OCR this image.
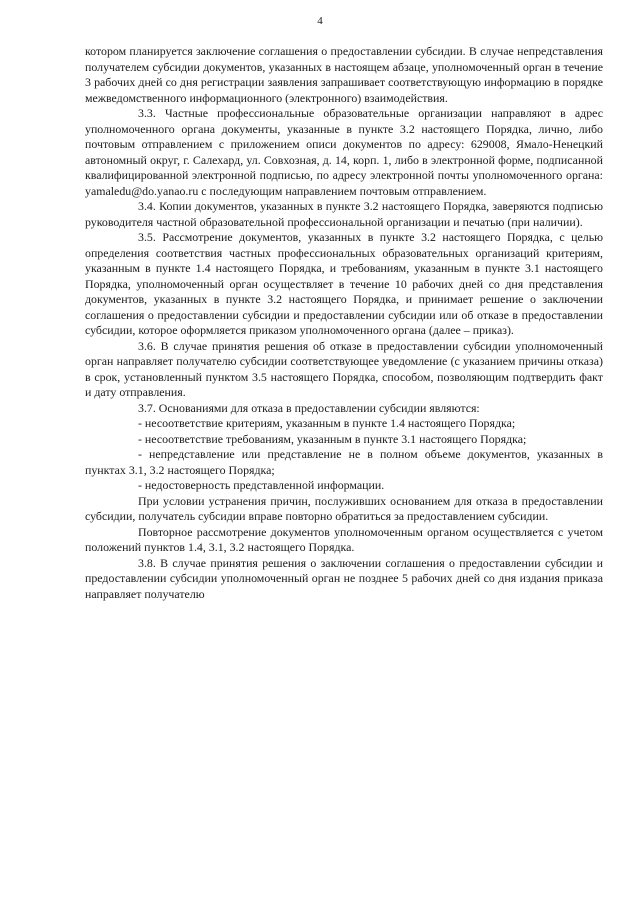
4

котором планируется заключение соглашения о предоставлении субсидии. В случае непредставления получателем субсидии документов, указанных в настоящем абзаце, уполномоченный орган в течение 3 рабочих дней со дня регистрации заявления запрашивает соответствующую информацию в порядке межведомственного информационного (электронного) взаимодействия.

3.3. Частные профессиональные образовательные организации направляют в адрес уполномоченного органа документы, указанные в пункте 3.2 настоящего Порядка, лично, либо почтовым отправлением с приложением описи документов по адресу: 629008, Ямало-Ненецкий автономный округ, г. Салехард, ул. Совхозная, д. 14, корп. 1, либо в электронной форме, подписанной квалифицированной электронной подписью, по адресу электронной почты уполномоченного органа: yamaledu@do.yanao.ru с последующим направлением почтовым отправлением.

3.4. Копии документов, указанных в пункте 3.2 настоящего Порядка, заверяются подписью руководителя частной образовательной профессиональной организации и печатью (при наличии).

3.5. Рассмотрение документов, указанных в пункте 3.2 настоящего Порядка, с целью определения соответствия частных профессиональных образовательных организаций критериям, указанным в пункте 1.4 настоящего Порядка, и требованиям, указанным в пункте 3.1 настоящего Порядка, уполномоченный орган осуществляет в течение 10 рабочих дней со дня представления документов, указанных в пункте 3.2 настоящего Порядка, и принимает решение о заключении соглашения о предоставлении субсидии и предоставлении субсидии или об отказе в предоставлении субсидии, которое оформляется приказом уполномоченного органа (далее – приказ).

3.6. В случае принятия решения об отказе в предоставлении субсидии уполномоченный орган направляет получателю субсидии соответствующее уведомление (с указанием причины отказа) в срок, установленный пунктом 3.5 настоящего Порядка, способом, позволяющим подтвердить факт и дату отправления.

3.7. Основаниями для отказа в предоставлении субсидии являются:

- несоответствие критериям, указанным в пункте 1.4 настоящего Порядка;

- несоответствие требованиям, указанным в пункте 3.1 настоящего Порядка;

- непредставление или представление не в полном объеме документов, указанных в пунктах 3.1, 3.2 настоящего Порядка;

- недостоверность представленной информации.

При условии устранения причин, послуживших основанием для отказа в предоставлении субсидии, получатель субсидии вправе повторно обратиться за предоставлением субсидии.

Повторное рассмотрение документов уполномоченным органом осуществляется с учетом положений пунктов 1.4, 3.1, 3.2 настоящего Порядка.

3.8. В случае принятия решения о заключении соглашения о предоставлении субсидии и предоставлении субсидии уполномоченный орган не позднее 5 рабочих дней со дня издания приказа направляет получателю
